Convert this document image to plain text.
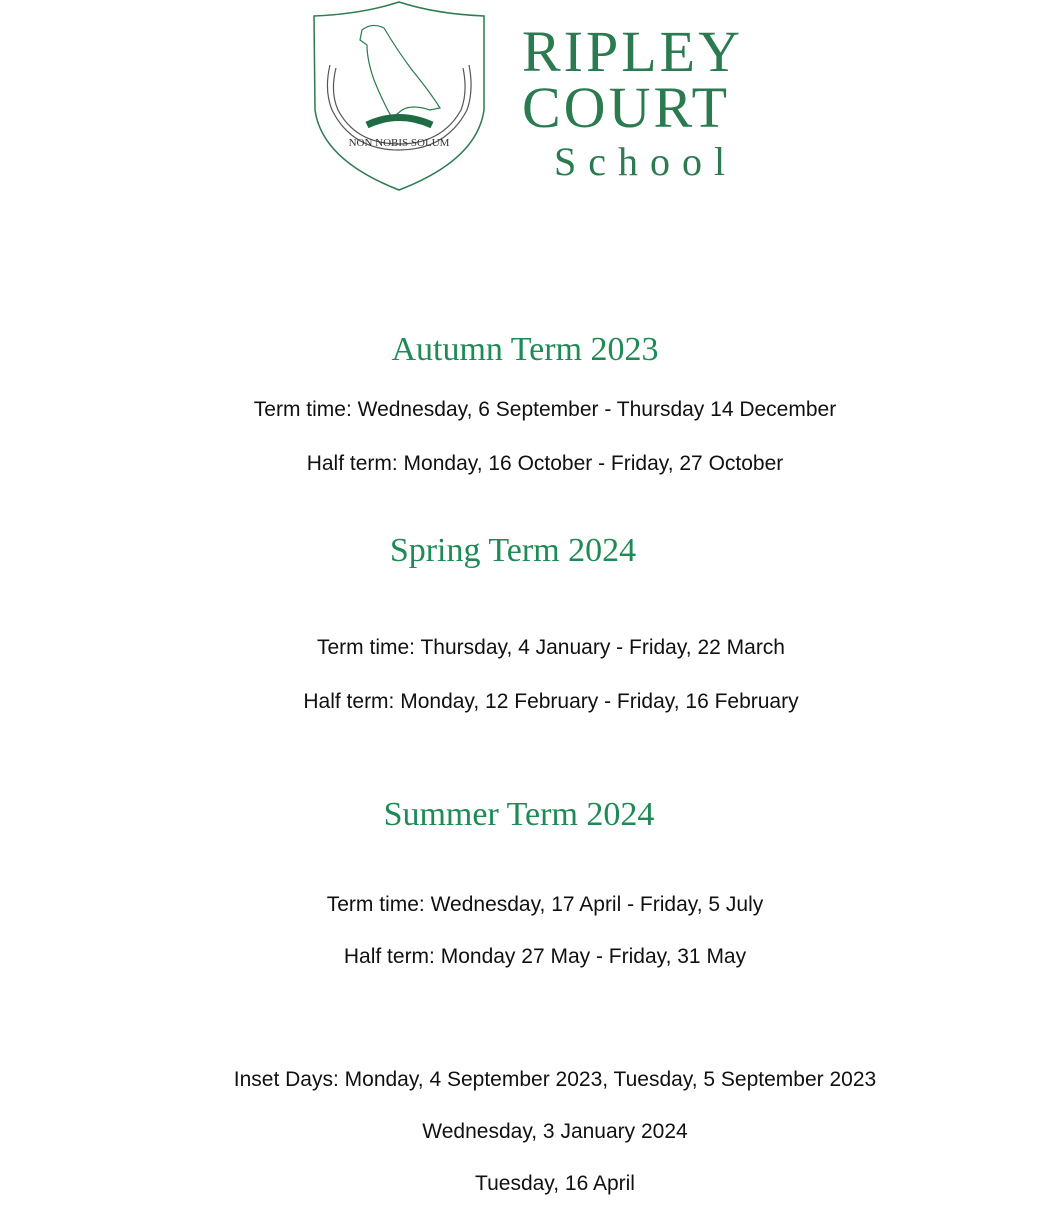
NON NOBIS SOLUM
RIPLEY
COURT
School
Autumn Term 2023
Term time: Wednesday, 6 September - Thursday 14 December
Half term: Monday, 16 October - Friday, 27 October
Spring Term 2024
Term time: Thursday, 4 January - Friday, 22 March
Half term: Monday, 12 February - Friday, 16 February
Summer Term 2024
Term time: Wednesday, 17 April - Friday, 5 July
Half term: Monday 27 May - Friday, 31 May
Inset Days: Monday, 4 September 2023, Tuesday, 5 September 2023
Wednesday, 3 January 2024
Tuesday, 16 April
